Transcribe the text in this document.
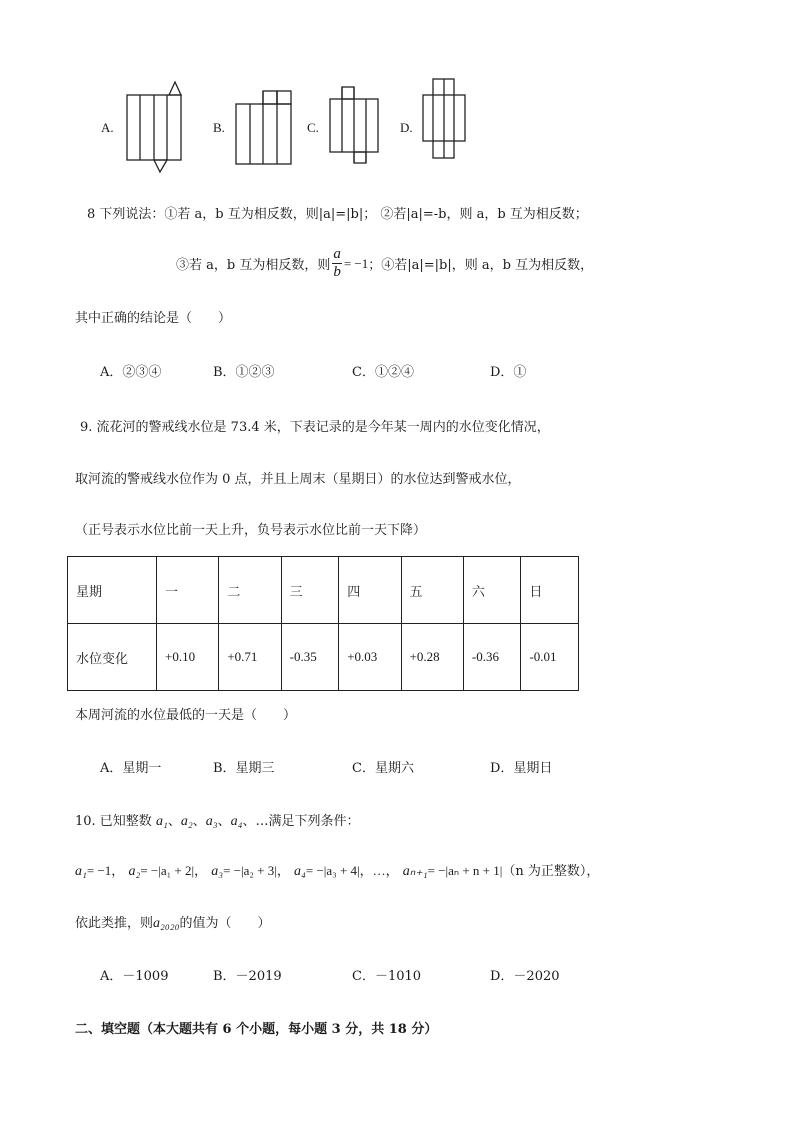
A.	B.	C.	D.
8 下列说法：①若 a，b 互为相反数，则|a|=|b|； ②若|a|=-b，则 a，b 互为相反数；
③若 a，b 互为相反数，则 $\frac{a}{b} = -1$ ；④若|a|=|b|，则 a，b 互为相反数，
其中正确的结论是（　　）
A．②③④	B．①②③	C．①②④	D．①
9. 流花河的警戒线水位是 73.4 米，下表记录的是今年某一周内的水位变化情况，
取河流的警戒线水位作为 0 点，并且上周末（星期日）的水位达到警戒水位，
（正号表示水位比前一天上升，负号表示水位比前一天下降）
星期	一	二	三	四	五	六	日
水位变化	+0.10	+0.71	-0.35	+0.03	+0.28	-0.36	-0.01
本周河流的水位最低的一天是（　　）
A．星期一	B．星期三	C．星期六	D．星期日
10. 已知整数 a₁、a₂、a₃、a₄、…满足下列条件：
a₁= −1， a₂= −|a₁ + 2|， a₃= −|a₂ + 3|， a₄= −|a₃ + 4|，…， aₙ₊₁= −|aₙ + n + 1|（n 为正整数），
依此类推，则a₂₀₂₀的值为（　　）
A．－1009	B．－2019	C．－1010	D．－2020
二、填空题（本大题共有 6 个小题，每小题 3 分，共 18 分）
